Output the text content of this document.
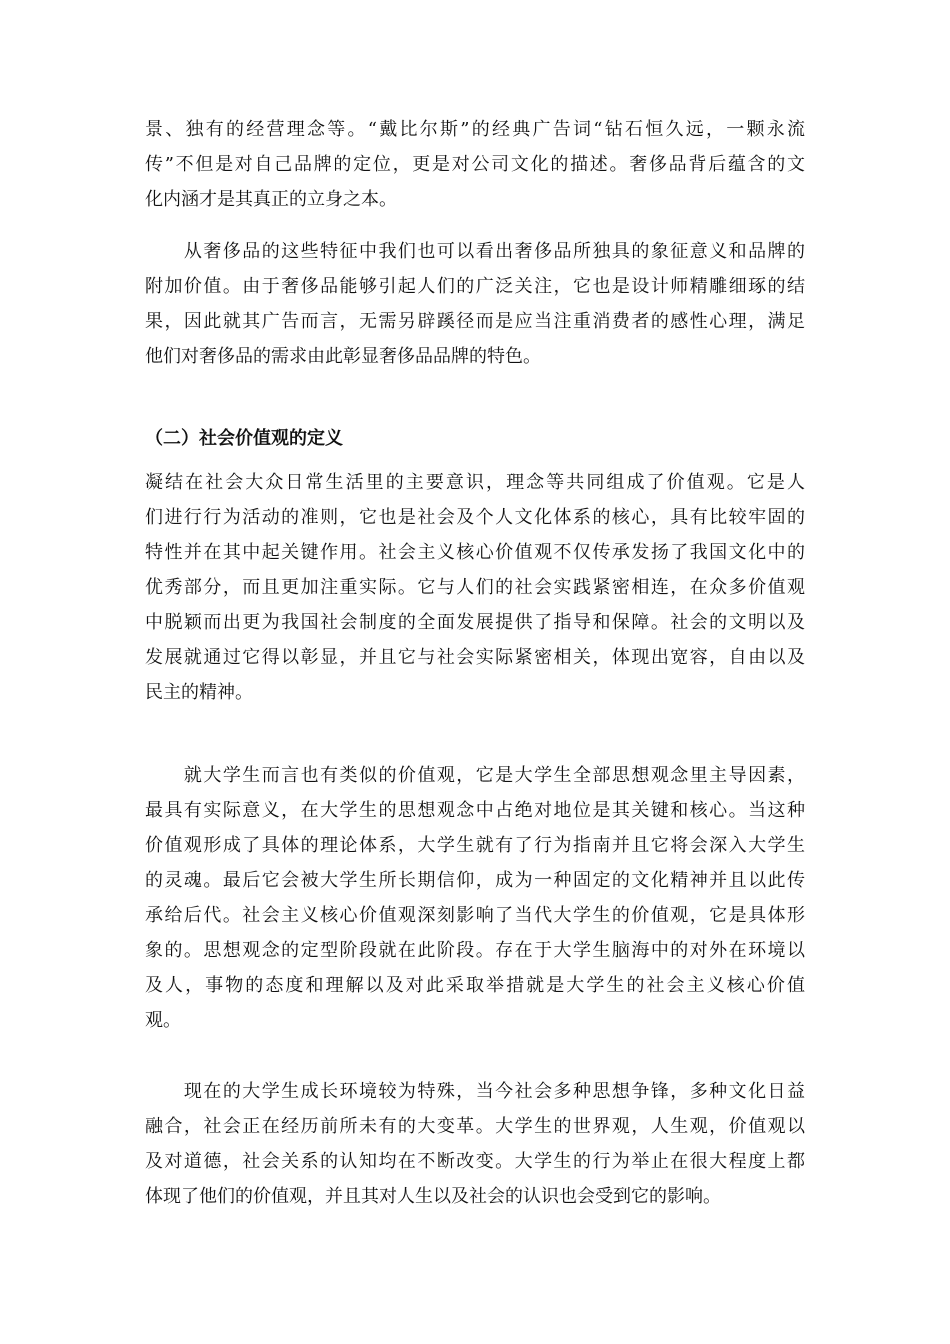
景、独有的经营理念等。“戴比尔斯”的经典广告词“钻石恒久远，一颗永流
传”不但是对自己品牌的定位，更是对公司文化的描述。奢侈品背后蕴含的文
化内涵才是其真正的立身之本。
　　从奢侈品的这些特征中我们也可以看出奢侈品所独具的象征意义和品牌的
附加价值。由于奢侈品能够引起人们的广泛关注，它也是设计师精雕细琢的结
果，因此就其广告而言，无需另辟蹊径而是应当注重消费者的感性心理，满足
他们对奢侈品的需求由此彰显奢侈品品牌的特色。
（二）社会价值观的定义
凝结在社会大众日常生活里的主要意识，理念等共同组成了价值观。它是人
们进行行为活动的准则，它也是社会及个人文化体系的核心，具有比较牢固的
特性并在其中起关键作用。社会主义核心价值观不仅传承发扬了我国文化中的
优秀部分，而且更加注重实际。它与人们的社会实践紧密相连，在众多价值观
中脱颖而出更为我国社会制度的全面发展提供了指导和保障。社会的文明以及
发展就通过它得以彰显，并且它与社会实际紧密相关，体现出宽容，自由以及
民主的精神。
　　就大学生而言也有类似的价值观，它是大学生全部思想观念里主导因素，
最具有实际意义，在大学生的思想观念中占绝对地位是其关键和核心。当这种
价值观形成了具体的理论体系，大学生就有了行为指南并且它将会深入大学生
的灵魂。最后它会被大学生所长期信仰，成为一种固定的文化精神并且以此传
承给后代。社会主义核心价值观深刻影响了当代大学生的价值观，它是具体形
象的。思想观念的定型阶段就在此阶段。存在于大学生脑海中的对外在环境以
及人，事物的态度和理解以及对此采取举措就是大学生的社会主义核心价值
观。
　　现在的大学生成长环境较为特殊，当今社会多种思想争锋，多种文化日益
融合，社会正在经历前所未有的大变革。大学生的世界观，人生观，价值观以
及对道德，社会关系的认知均在不断改变。大学生的行为举止在很大程度上都
体现了他们的价值观，并且其对人生以及社会的认识也会受到它的影响。
